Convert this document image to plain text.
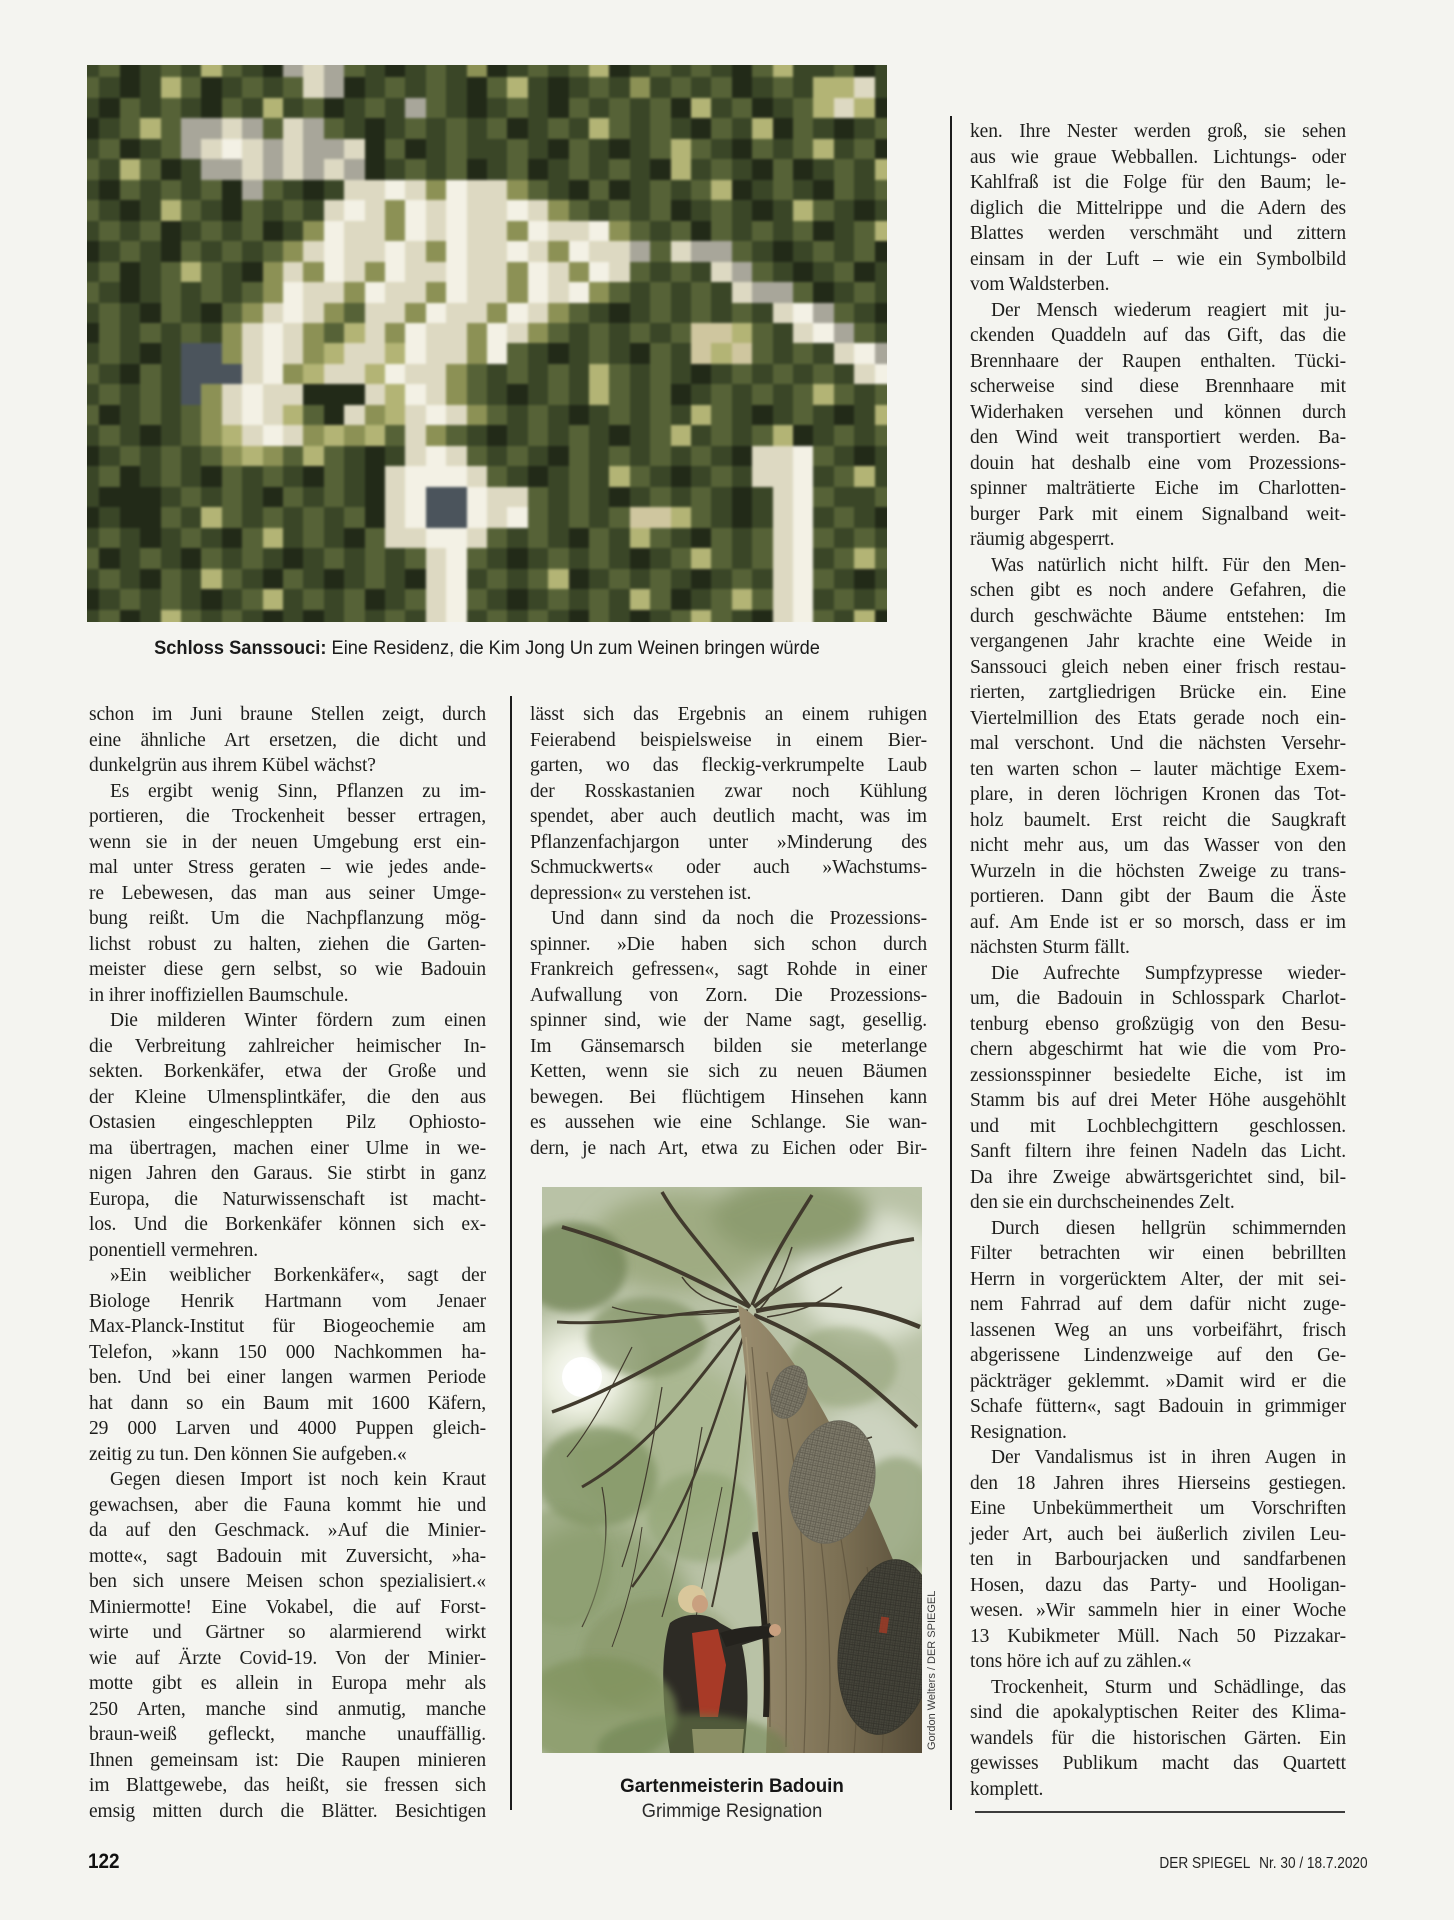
Schloss Sanssouci: Eine Residenz, die Kim Jong Un zum Weinen bringen würde
schon im Juni braune Stellen zeigt, durch
eine ähnliche Art ersetzen, die dicht und
dunkelgrün aus ihrem Kübel wächst?
Es ergibt wenig Sinn, Pflanzen zu im-
portieren, die Trockenheit besser ertragen,
wenn sie in der neuen Umgebung erst ein-
mal unter Stress geraten – wie jedes ande-
re Lebewesen, das man aus seiner Umge-
bung reißt. Um die Nachpflanzung mög-
lichst robust zu halten, ziehen die Garten-
meister diese gern selbst, so wie Badouin
in ihrer inoffiziellen Baumschule.
Die milderen Winter fördern zum einen
die Verbreitung zahlreicher heimischer In-
sekten. Borkenkäfer, etwa der Große und
der Kleine Ulmensplintkäfer, die den aus
Ostasien eingeschleppten Pilz Ophiosto-
ma übertragen, machen einer Ulme in we-
nigen Jahren den Garaus. Sie stirbt in ganz
Europa, die Naturwissenschaft ist macht-
los. Und die Borkenkäfer können sich ex-
ponentiell vermehren.
»Ein weiblicher Borkenkäfer«, sagt der
Biologe Henrik Hartmann vom Jenaer
Max-Planck-Institut für Biogeochemie am
Telefon, »kann 150 000 Nachkommen ha-
ben. Und bei einer langen warmen Periode
hat dann so ein Baum mit 1600 Käfern,
29 000 Larven und 4000 Puppen gleich-
zeitig zu tun. Den können Sie aufgeben.«
Gegen diesen Import ist noch kein Kraut
gewachsen, aber die Fauna kommt hie und
da auf den Geschmack. »Auf die Minier-
motte«, sagt Badouin mit Zuversicht, »ha-
ben sich unsere Meisen schon spezialisiert.«
Miniermotte! Eine Vokabel, die auf Forst-
wirte und Gärtner so alarmierend wirkt
wie auf Ärzte Covid-19. Von der Minier-
motte gibt es allein in Europa mehr als
250 Arten, manche sind anmutig, manche
braun-weiß gefleckt, manche unauffällig.
Ihnen gemeinsam ist: Die Raupen minieren
im Blattgewebe, das heißt, sie fressen sich
emsig mitten durch die Blätter. Besichtigen
lässt sich das Ergebnis an einem ruhigen
Feierabend beispielsweise in einem Bier-
garten, wo das fleckig-verkrumpelte Laub
der Rosskastanien zwar noch Kühlung
spendet, aber auch deutlich macht, was im
Pflanzenfachjargon unter »Minderung des
Schmuckwerts« oder auch »Wachstums-
depression« zu verstehen ist.
Und dann sind da noch die Prozessions-
spinner. »Die haben sich schon durch
Frankreich gefressen«, sagt Rohde in einer
Aufwallung von Zorn. Die Prozessions-
spinner sind, wie der Name sagt, gesellig.
Im Gänsemarsch bilden sie meterlange
Ketten, wenn sie sich zu neuen Bäumen
bewegen. Bei flüchtigem Hinsehen kann
es aussehen wie eine Schlange. Sie wan-
dern, je nach Art, etwa zu Eichen oder Bir-
ken. Ihre Nester werden groß, sie sehen
aus wie graue Webballen. Lichtungs- oder
Kahlfraß ist die Folge für den Baum; le-
diglich die Mittelrippe und die Adern des
Blattes werden verschmäht und zittern
einsam in der Luft – wie ein Symbolbild
vom Waldsterben.
Der Mensch wiederum reagiert mit ju-
ckenden Quaddeln auf das Gift, das die
Brennhaare der Raupen enthalten. Tücki-
scherweise sind diese Brennhaare mit
Widerhaken versehen und können durch
den Wind weit transportiert werden. Ba-
douin hat deshalb eine vom Prozessions-
spinner malträtierte Eiche im Charlotten-
burger Park mit einem Signalband weit-
räumig abgesperrt.
Was natürlich nicht hilft. Für den Men-
schen gibt es noch andere Gefahren, die
durch geschwächte Bäume entstehen: Im
vergangenen Jahr krachte eine Weide in
Sanssouci gleich neben einer frisch restau-
rierten, zartgliedrigen Brücke ein. Eine
Viertelmillion des Etats gerade noch ein-
mal verschont. Und die nächsten Versehr-
ten warten schon – lauter mächtige Exem-
plare, in deren löchrigen Kronen das Tot-
holz baumelt. Erst reicht die Saugkraft
nicht mehr aus, um das Wasser von den
Wurzeln in die höchsten Zweige zu trans-
portieren. Dann gibt der Baum die Äste
auf. Am Ende ist er so morsch, dass er im
nächsten Sturm fällt.
Die Aufrechte Sumpfzypresse wieder-
um, die Badouin in Schlosspark Charlot-
tenburg ebenso großzügig von den Besu-
chern abgeschirmt hat wie die vom Pro-
zessionsspinner besiedelte Eiche, ist im
Stamm bis auf drei Meter Höhe ausgehöhlt
und mit Lochblechgittern geschlossen.
Sanft filtern ihre feinen Nadeln das Licht.
Da ihre Zweige abwärtsgerichtet sind, bil-
den sie ein durchscheinendes Zelt.
Durch diesen hellgrün schimmernden
Filter betrachten wir einen bebrillten
Herrn in vorgerücktem Alter, der mit sei-
nem Fahrrad auf dem dafür nicht zuge-
lassenen Weg an uns vorbeifährt, frisch
abgerissene Lindenzweige auf den Ge-
päckträger geklemmt. »Damit wird er die
Schafe füttern«, sagt Badouin in grimmiger
Resignation.
Der Vandalismus ist in ihren Augen in
den 18 Jahren ihres Hierseins gestiegen.
Eine Unbekümmertheit um Vorschriften
jeder Art, auch bei äußerlich zivilen Leu-
ten in Barbourjacken und sandfarbenen
Hosen, dazu das Party- und Hooligan-
wesen. »Wir sammeln hier in einer Woche
13 Kubikmeter Müll. Nach 50 Pizzakar-
tons höre ich auf zu zählen.«
Trockenheit, Sturm und Schädlinge, das
sind die apokalyptischen Reiter des Klima-
wandels für die historischen Gärten. Ein
gewisses Publikum macht das Quartett
komplett.
Gordon Welters / DER SPIEGEL
Gartenmeisterin Badouin
Grimmige Resignation
122	DER SPIEGEL Nr. 30 / 18.7.2020
